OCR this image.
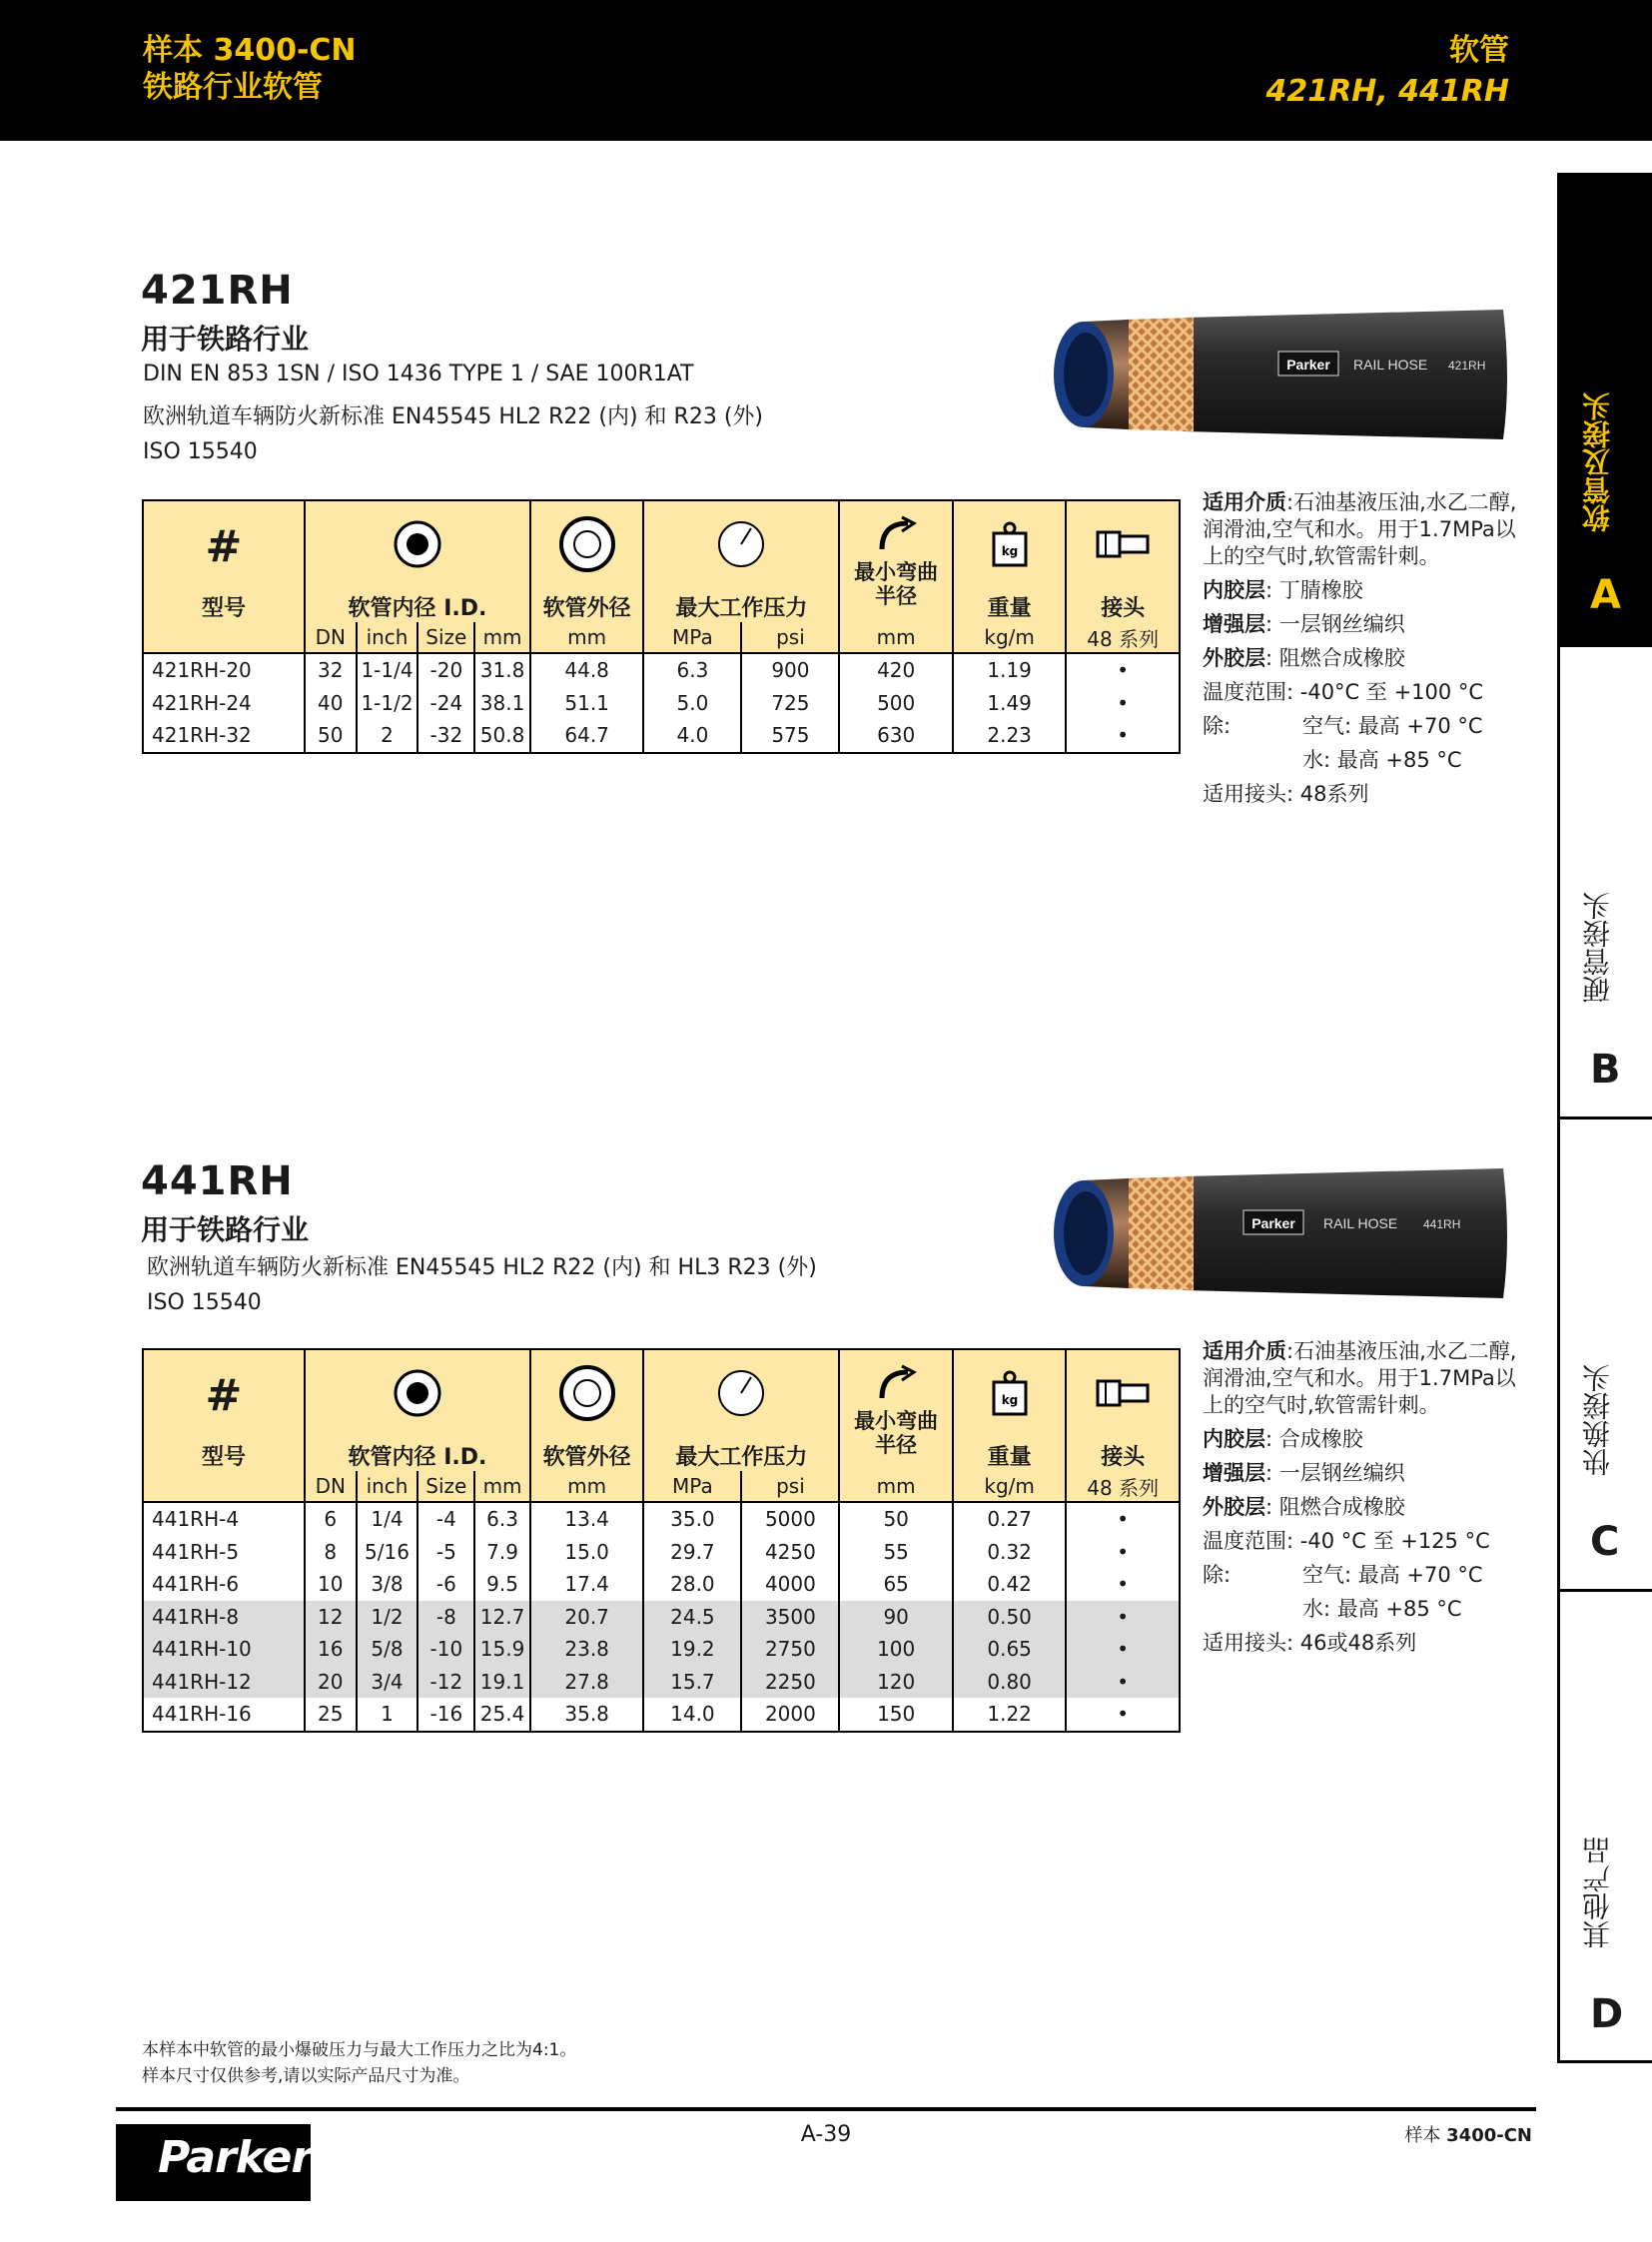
样本 3400-CN
铁路行业软管
软管
421RH, 441RH
软管及接头
A
硬管接头
B
快换接头
C
其他产品
D
421RH
用于铁路行业
DIN EN 853 1SN / ISO 1436 TYPE 1 / SAE 100R1AT
欧洲轨道车辆防火新标准 EN45545 HL2 R22 (内) 和 R23 (外)
ISO 15540
Parker RAIL HOSE 421RH
#								最小弯曲半径	kg

型号	软管内径 I.D.				软管外径	最大工作压力			重量	接头
	DN	inch	Size	mm	mm	MPa	psi	mm	kg/m	48 系列
421RH-20	32	1-1/4	-20	31.8	44.8	6.3	900	420	1.19	•
421RH-24	40	1-1/2	-24	38.1	51.1	5.0	725	500	1.49	•
421RH-32	50	2	-32	50.8	64.7	4.0	575	630	2.23	•
适用介质:石油基液压油,水乙二醇,润滑油,空气和水。用于1.7MPa以上的空气时,软管需针刺。
内胶层: 丁腈橡胶
增强层: 一层钢丝编织
外胶层: 阻燃合成橡胶
温度范围: -40°C 至 +100 °C
除:	空气: 最高 +70 °C
水: 最高 +85 °C
适用接头: 48系列
441RH
用于铁路行业
欧洲轨道车辆防火新标准 EN45545 HL2 R22 (内) 和 HL3 R23 (外)
ISO 15540
Parker RAIL HOSE 441RH
#								最小弯曲半径	kg

型号	软管内径 I.D.				软管外径	最大工作压力			重量	接头
	DN	inch	Size	mm	mm	MPa	psi	mm	kg/m	48 系列
441RH-4	6	1/4	-4	6.3	13.4	35.0	5000	50	0.27	•
441RH-5	8	5/16	-5	7.9	15.0	29.7	4250	55	0.32	•
441RH-6	10	3/8	-6	9.5	17.4	28.0	4000	65	0.42	•
441RH-8	12	1/2	-8	12.7	20.7	24.5	3500	90	0.50	•
441RH-10	16	5/8	-10	15.9	23.8	19.2	2750	100	0.65	•
441RH-12	20	3/4	-12	19.1	27.8	15.7	2250	120	0.80	•
441RH-16	25	1	-16	25.4	35.8	14.0	2000	150	1.22	•
适用介质:石油基液压油,水乙二醇,润滑油,空气和水。用于1.7MPa以上的空气时,软管需针刺。
内胶层: 合成橡胶
增强层: 一层钢丝编织
外胶层: 阻燃合成橡胶
温度范围: -40 °C 至 +125 °C
除:	空气: 最高 +70 °C
水: 最高 +85 °C
适用接头: 46或48系列
本样本中软管的最小爆破压力与最大工作压力之比为4:1。
样本尺寸仅供参考,请以实际产品尺寸为准。
Parker	A-39	样本 3400-CN
